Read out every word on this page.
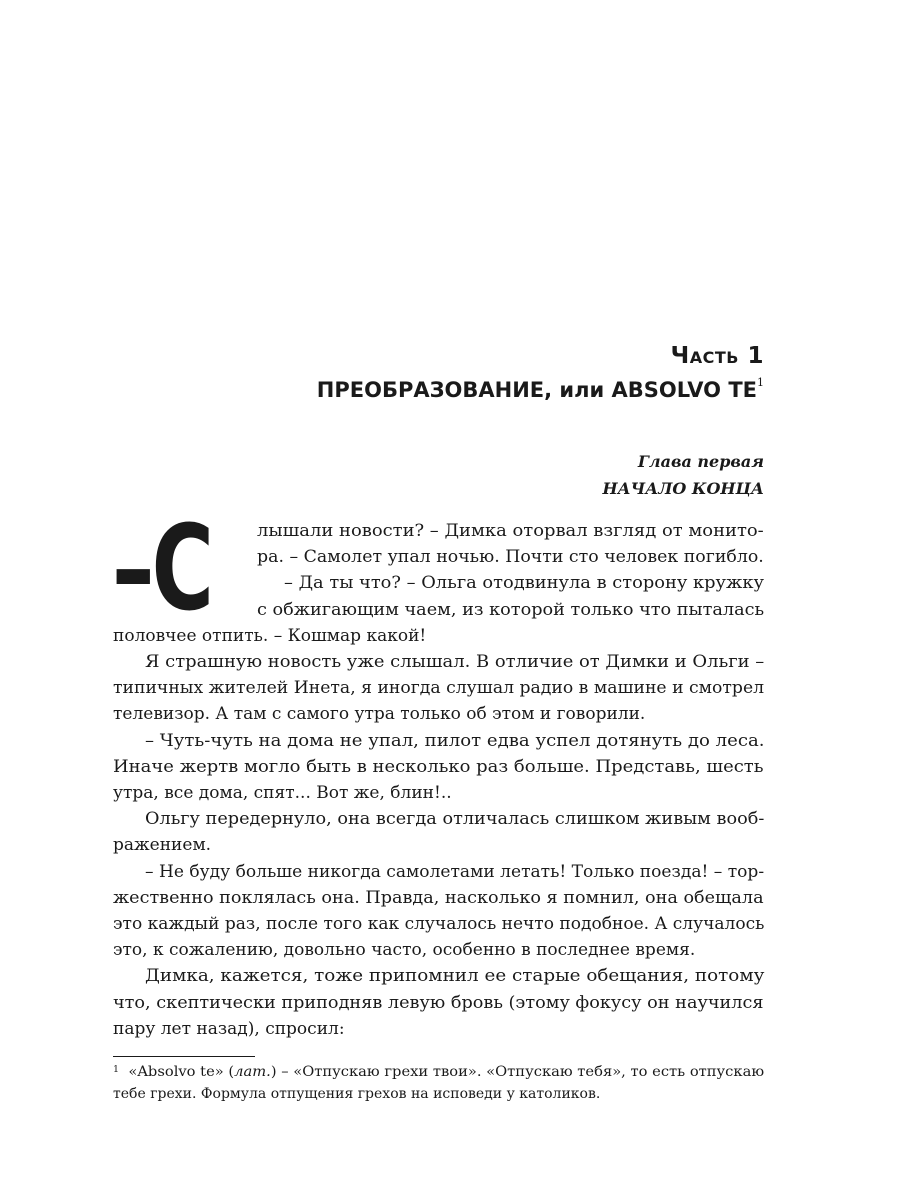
Часть 1
ПРЕОБРАЗОВАНИЕ, или ABSOLVO $TE^1$
Глава первая
НАЧАЛО КОНЦА
–С	лышали новости? – Димка оторвал взгляд от монито-
ра. – Самолет упал ночью. Почти сто человек погибло.
– Да ты что? – Ольга отодвинула в сторону кружку
с обжигающим чаем, из которой только что пыталась
половчее отпить. – Кошмар какой!
Я страшную новость уже слышал. В отличие от Димки и Ольги –
типичных жителей Инета, я иногда слушал радио в машине и смотрел
телевизор. А там с самого утра только об этом и говорили.
– Чуть-чуть на дома не упал, пилот едва успел дотянуть до леса.
Иначе жертв могло быть в несколько раз больше. Представь, шесть
утра, все дома, спят... Вот же, блин!..
Ольгу передернуло, она всегда отличалась слишком живым вооб-
ражением.
– Не буду больше никогда самолетами летать! Только поезда! – тор-
жественно поклялась она. Правда, насколько я помнил, она обещала
это каждый раз, после того как случалось нечто подобное. А случалось
это, к сожалению, довольно часто, особенно в последнее время.
Димка, кажется, тоже припомнил ее старые обещания, потому
что, скептически приподняв левую бровь (этому фокусу он научился
пару лет назад), спросил:
$^1$ «Absolvo te» (лат.) – «Отпускаю грехи твои». «Отпускаю тебя», то есть отпускаю
тебе грехи. Формула отпущения грехов на исповеди у католиков.
